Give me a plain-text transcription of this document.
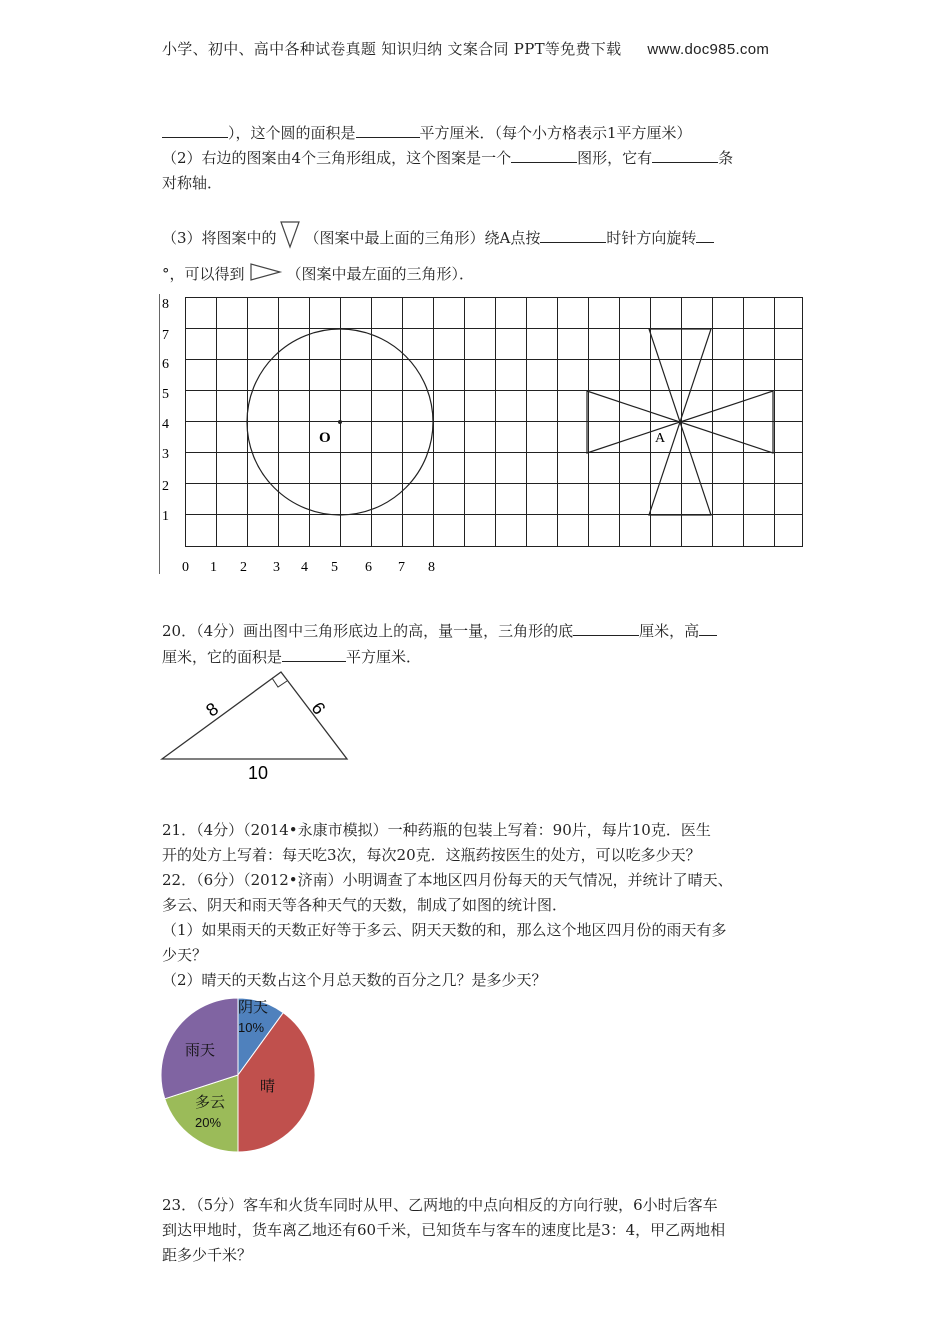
小学、初中、高中各种试卷真题 知识归纳 文案合同 PPT等免费下载 www.doc985.com
），这个圆的面积是	平方厘米．（每个小方格表示1平方厘米）
（2）右边的图案由4个三角形组成，这个图案是一个	图形，它有	条
对称轴．
（3）将图案中的 （图案中最上面的三角形）绕A点按	时针方向旋转
°，可以得到	（图案中最左面的三角形）．
O	A
8
7
6
5
4
3
2
1
0 1 2 3 4 5 6 7 8
20．（4分）画出图中三角形底边上的高，量一量，三角形的底	厘米，高
厘米，它的面积是	平方厘米．
8	6
10
21．（4分）（2014•永康市模拟）一种药瓶的包装上写着：90片，每片10克．医生
开的处方上写着：每天吃3次，每次20克．这瓶药按医生的处方，可以吃多少天？
22．（6分）（2012•济南）小明调查了本地区四月份每天的天气情况，并统计了晴天、
多云、阴天和雨天等各种天气的天数，制成了如图的统计图．
（1）如果雨天的天数正好等于多云、阴天天数的和，那么这个地区四月份的雨天有多
少天？
（2）晴天的天数占这个月总天数的百分之几？是多少天？
阴天
10%
晴
多云
20%
雨天
23．（5分）客车和火货车同时从甲、乙两地的中点向相反的方向行驶，6小时后客车
到达甲地时，货车离乙地还有60千米，已知货车与客车的速度比是3：4，甲乙两地相
距多少千米？
